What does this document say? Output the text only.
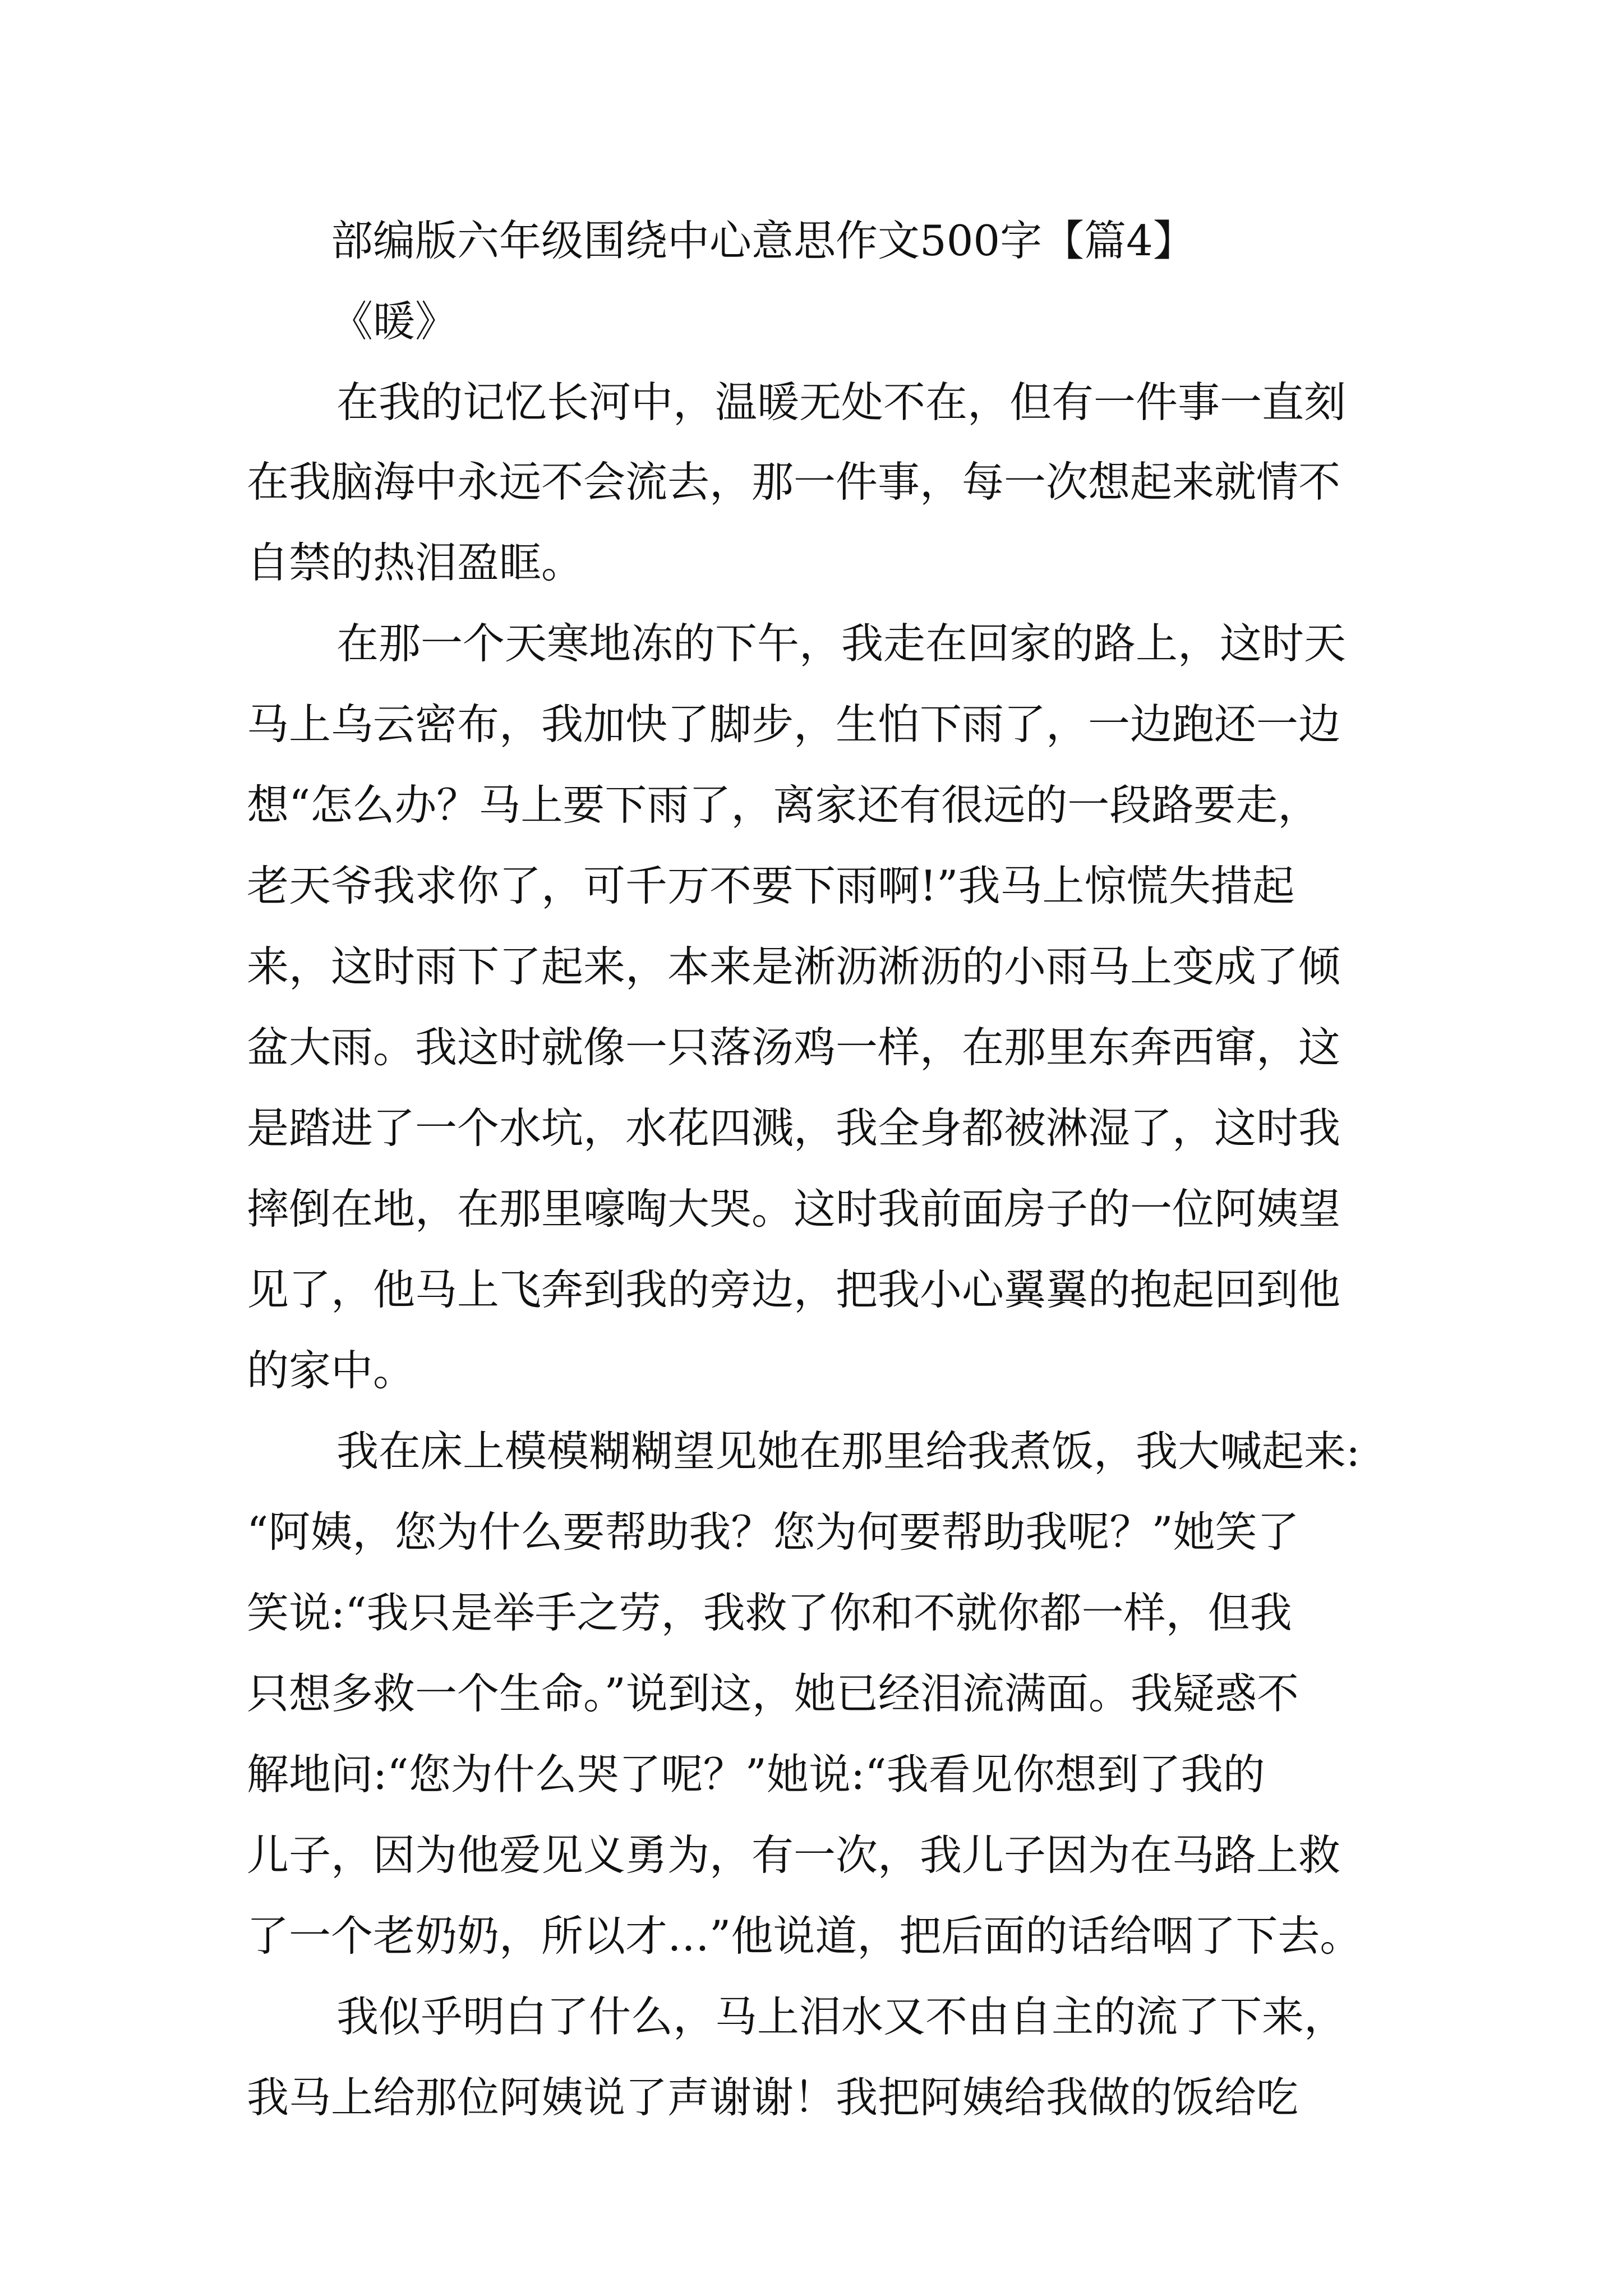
部编版六年级围绕中心意思作文500字【篇4】
《暖》
在我的记忆长河中，温暖无处不在，但有一件事一直刻
在我脑海中永远不会流去，那一件事，每一次想起来就情不
自禁的热泪盈眶。
在那一个天寒地冻的下午，我走在回家的路上，这时天
马上乌云密布，我加快了脚步，生怕下雨了，一边跑还一边
想“怎么办？马上要下雨了，离家还有很远的一段路要走，
老天爷我求你了，可千万不要下雨啊!”我马上惊慌失措起
来，这时雨下了起来，本来是淅沥淅沥的小雨马上变成了倾
盆大雨。我这时就像一只落汤鸡一样，在那里东奔西窜，这
是踏进了一个水坑，水花四溅，我全身都被淋湿了，这时我
摔倒在地，在那里嚎啕大哭。这时我前面房子的一位阿姨望
见了，他马上飞奔到我的旁边，把我小心翼翼的抱起回到他
的家中。
我在床上模模糊糊望见她在那里给我煮饭，我大喊起来:
“阿姨，您为什么要帮助我？您为何要帮助我呢？”她笑了
笑说:“我只是举手之劳，我救了你和不就你都一样，但我
只想多救一个生命。”说到这，她已经泪流满面。我疑惑不
解地问:“您为什么哭了呢？”她说:“我看见你想到了我的
儿子，因为他爱见义勇为，有一次，我儿子因为在马路上救
了一个老奶奶，所以才…”他说道，把后面的话给咽了下去。
我似乎明白了什么，马上泪水又不由自主的流了下来，
我马上给那位阿姨说了声谢谢！我把阿姨给我做的饭给吃
